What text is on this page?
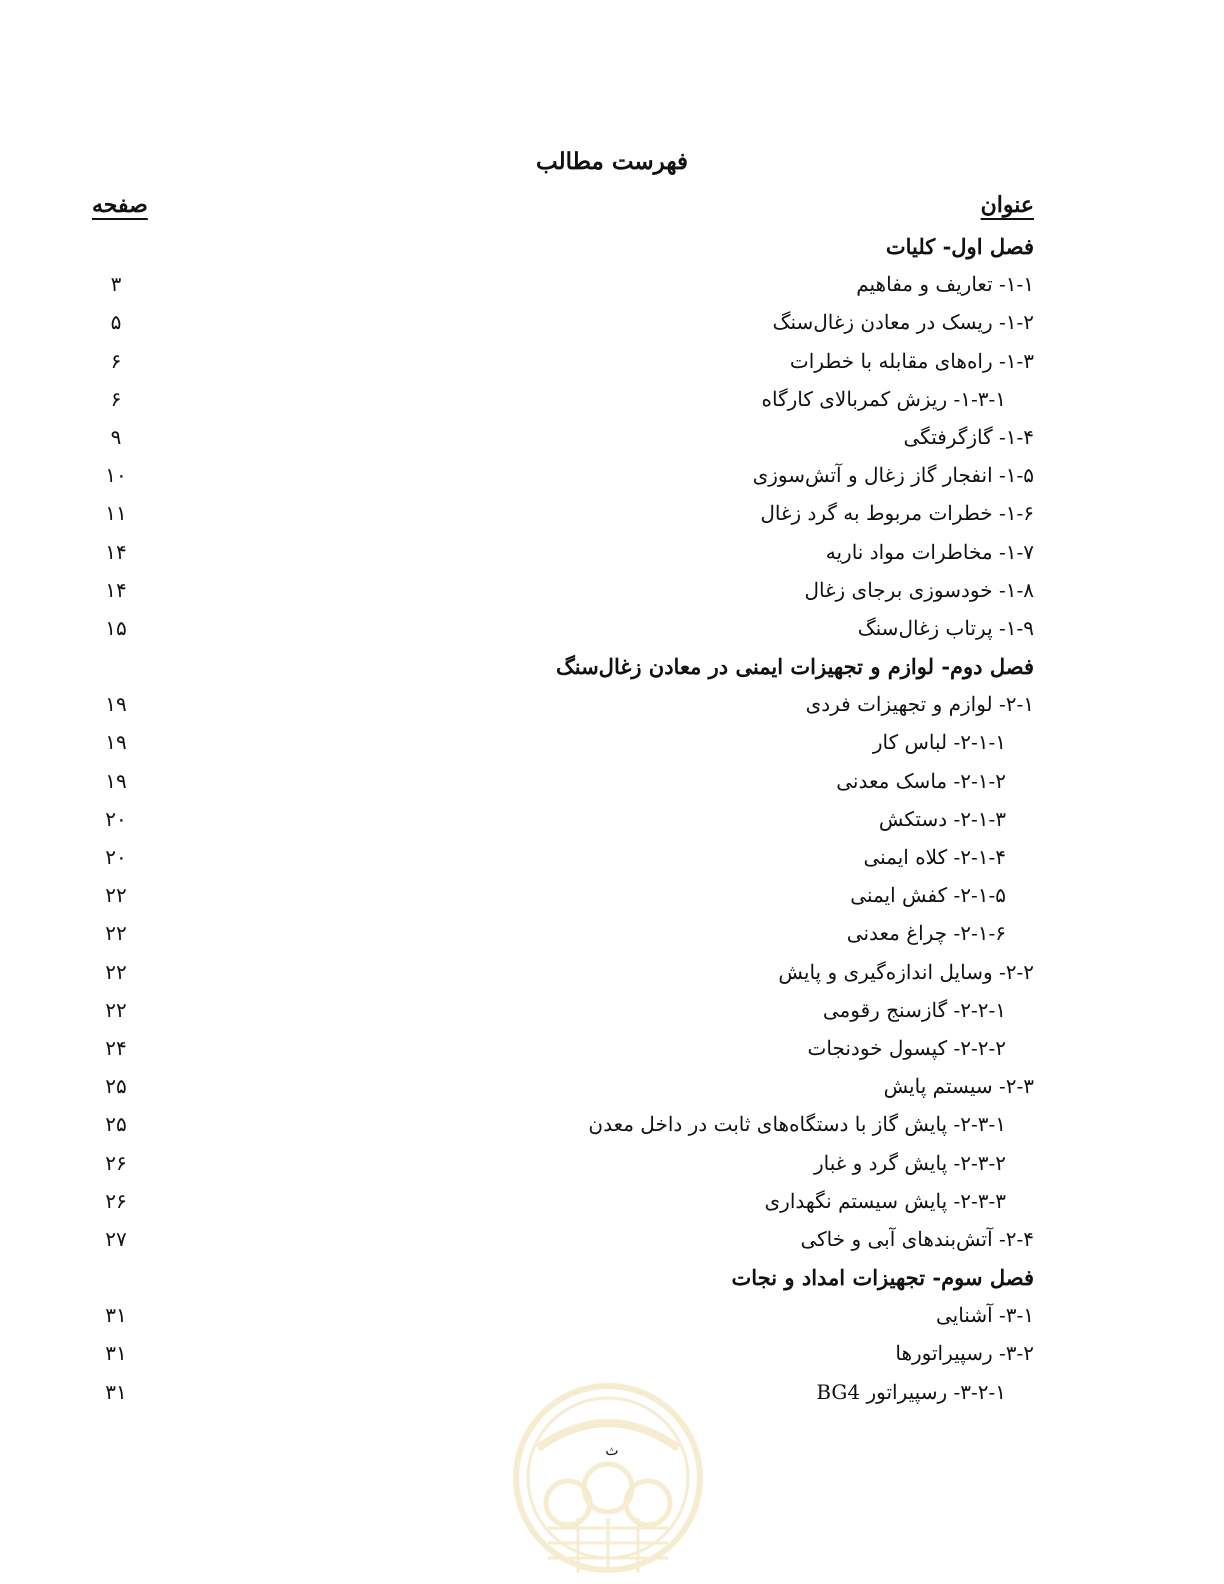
فهرست مطالب
عنوان
صفحه
فصل اول- کلیات
۱-۱- تعاریف و مفاهیم
۳
۱-۲- ریسک در معادن زغال‌سنگ
۵
۱-۳- راه‌های مقابله با خطرات
۶
۱-۳-۱- ریزش کمربالای کارگاه
۶
۱-۴- گازگرفتگی
۹
۱-۵- انفجار گاز زغال و آتش‌سوزی
۱۰
۱-۶- خطرات مربوط به گرد زغال
۱۱
۱-۷- مخاطرات مواد ناریه
۱۴
۱-۸- خودسوزی برجای زغال
۱۴
۱-۹- پرتاب زغال‌سنگ
۱۵
فصل دوم- لوازم و تجهیزات ایمنی در معادن زغال‌سنگ
۲-۱- لوازم و تجهیزات فردی
۱۹
۲-۱-۱- لباس کار
۱۹
۲-۱-۲- ماسک معدنی
۱۹
۲-۱-۳- دستکش
۲۰
۲-۱-۴- کلاه ایمنی
۲۰
۲-۱-۵- کفش ایمنی
۲۲
۲-۱-۶- چراغ معدنی
۲۲
۲-۲- وسایل اندازه‌گیری و پایش
۲۲
۲-۲-۱- گازسنج رقومی
۲۲
۲-۲-۲- کپسول خودنجات
۲۴
۲-۳- سیستم پایش
۲۵
۲-۳-۱- پایش گاز با دستگاه‌های ثابت در داخل معدن
۲۵
۲-۳-۲- پایش گرد و غبار
۲۶
۲-۳-۳- پایش سیستم نگهداری
۲۶
۲-۴- آتش‌بندهای آبی و خاکی
۲۷
فصل سوم- تجهیزات امداد و نجات
۳-۱- آشنایی
۳۱
۳-۲- رسپیراتورها
۳۱
۳-۲-۱- رسپیراتور BG4
۳۱
ث
